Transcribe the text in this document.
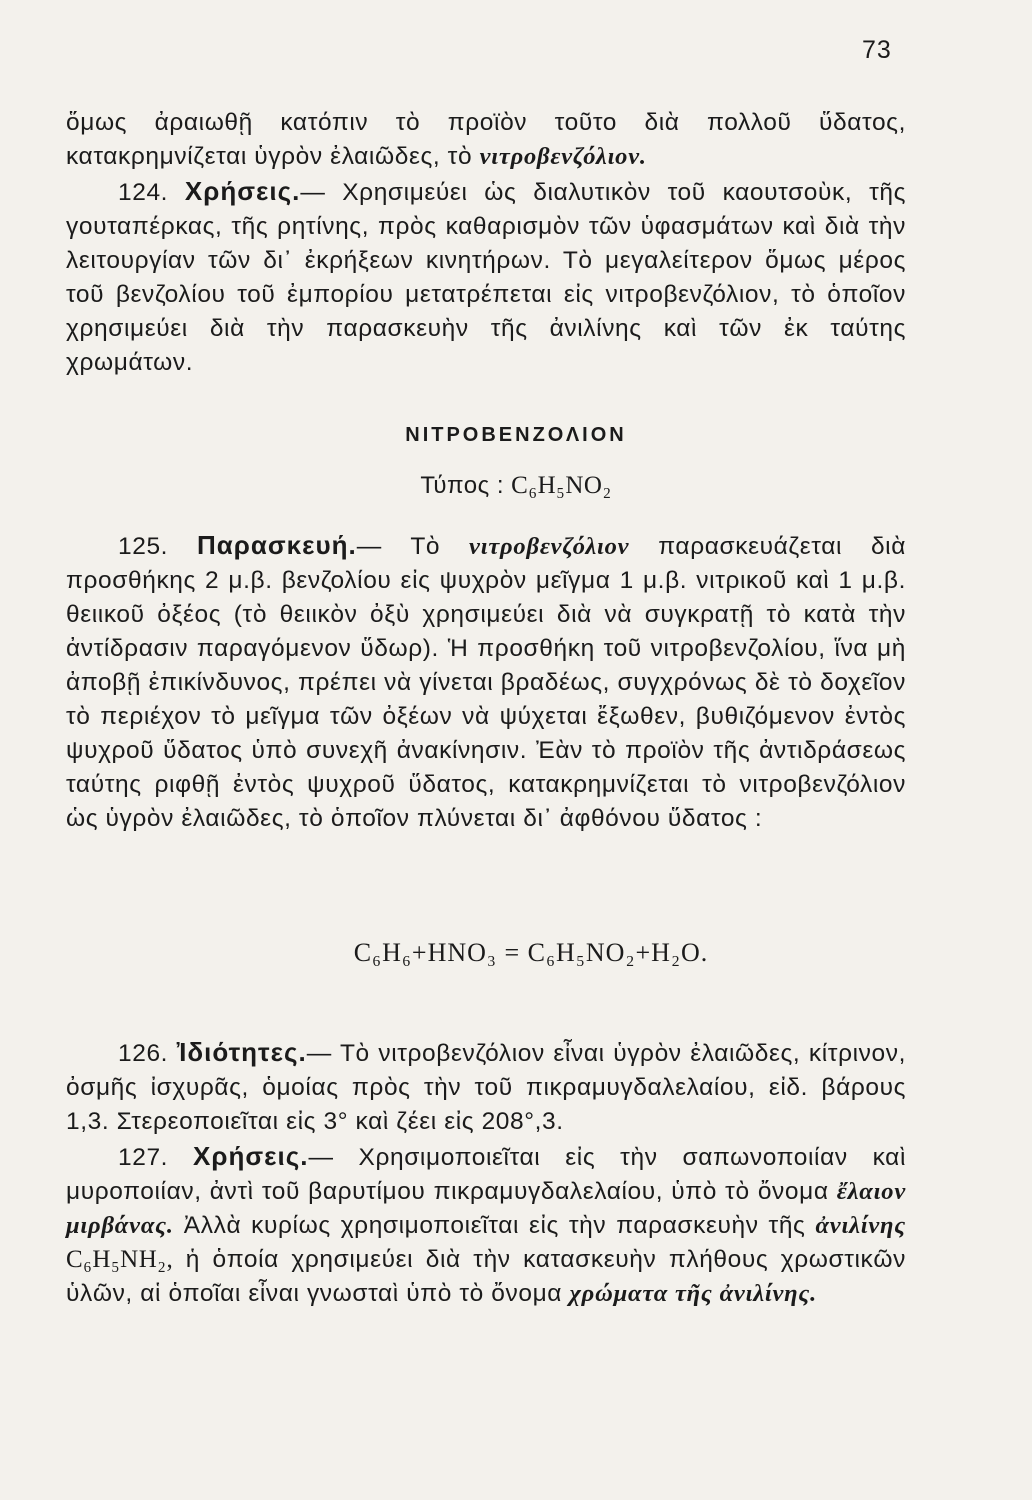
73

ὅμως ἀραιωθῇ κατόπιν τὸ προϊὸν τοῦτο διὰ πολλοῦ ὕδατος, κατακρημνίζεται ὑγρὸν ἐλαιῶδες, τὸ νιτροβενζόλιον.

124. Χρήσεις.— Χρησιμεύει ὡς διαλυτικὸν τοῦ καουτσοὺκ, τῆς γουταπέρκας, τῆς ρητίνης, πρὸς καθαρισμὸν τῶν ὑφασμάτων καὶ διὰ τὴν λειτουργίαν τῶν δι᾿ ἐκρήξεων κινητήρων. Τὸ μεγαλείτερον ὅμως μέρος τοῦ βενζολίου τοῦ ἐμπορίου μετατρέπεται εἰς νιτροβενζόλιον, τὸ ὁποῖον χρησιμεύει διὰ τὴν παρασκευὴν τῆς ἀνιλίνης καὶ τῶν ἐκ ταύτης χρωμάτων.

ΝΙΤΡΟΒΕΝΖΟΛΙΟΝ
Τύπος : C₆H₅NO₂

125. Παρασκευή.— Τὸ νιτροβενζόλιον παρασκευάζεται διὰ προσθήκης 2 μ.β. βενζολίου εἰς ψυχρὸν μεῖγμα 1 μ.β. νιτρικοῦ καὶ 1 μ.β. θειικοῦ ὀξέος (τὸ θειικὸν ὀξὺ χρησιμεύει διὰ νὰ συγκρατῇ τὸ κατὰ τὴν ἀντίδρασιν παραγόμενον ὕδωρ). Ἡ προσθήκη τοῦ νιτροβενζολίου, ἵνα μὴ ἀποβῇ ἐπικίνδυνος, πρέπει νὰ γίνεται βραδέως, συγχρόνως δὲ τὸ δοχεῖον τὸ περιέχον τὸ μεῖγμα τῶν ὀξέων νὰ ψύχεται ἔξωθεν, βυθιζόμενον ἐντὸς ψυχροῦ ὕδατος ὑπὸ συνεχῆ ἀνακίνησιν. Ἐὰν τὸ προϊὸν τῆς ἀντιδράσεως ταύτης ριφθῇ ἐντὸς ψυχροῦ ὕδατος, κατακρημνίζεται τὸ νιτροβενζόλιον ὡς ὑγρὸν ἐλαιῶδες, τὸ ὁποῖον πλύνεται δι᾿ ἀφθόνου ὕδατος :

C₆H₆+HNO₃ = C₆H₅NO₂+H₂O.

126. Ἰδιότητες.— Τὸ νιτροβενζόλιον εἶναι ὑγρὸν ἐλαιῶδες, κίτρινον, ὀσμῆς ἰσχυρᾶς, ὁμοίας πρὸς τὴν τοῦ πικραμυγδαλελαίου, εἰδ. βάρους 1,3. Στερεοποιεῖται εἰς 3° καὶ ζέει εἰς 208°,3.

127. Χρήσεις.— Χρησιμοποιεῖται εἰς τὴν σαπωνοποιίαν καὶ μυροποιίαν, ἀντὶ τοῦ βαρυτίμου πικραμυγδαλελαίου, ὑπὸ τὸ ὄνομα ἔλαιον μιρβάνας. Ἀλλὰ κυρίως χρησιμοποιεῖται εἰς τὴν παρασκευὴν τῆς ἀνιλίνης C₆H₅NH₂, ἡ ὁποία χρησιμεύει διὰ τὴν κατασκευὴν πλήθους χρωστικῶν ὑλῶν, αἱ ὁποῖαι εἶναι γνωσταὶ ὑπὸ τὸ ὄνομα χρώματα τῆς ἀνιλίνης.
